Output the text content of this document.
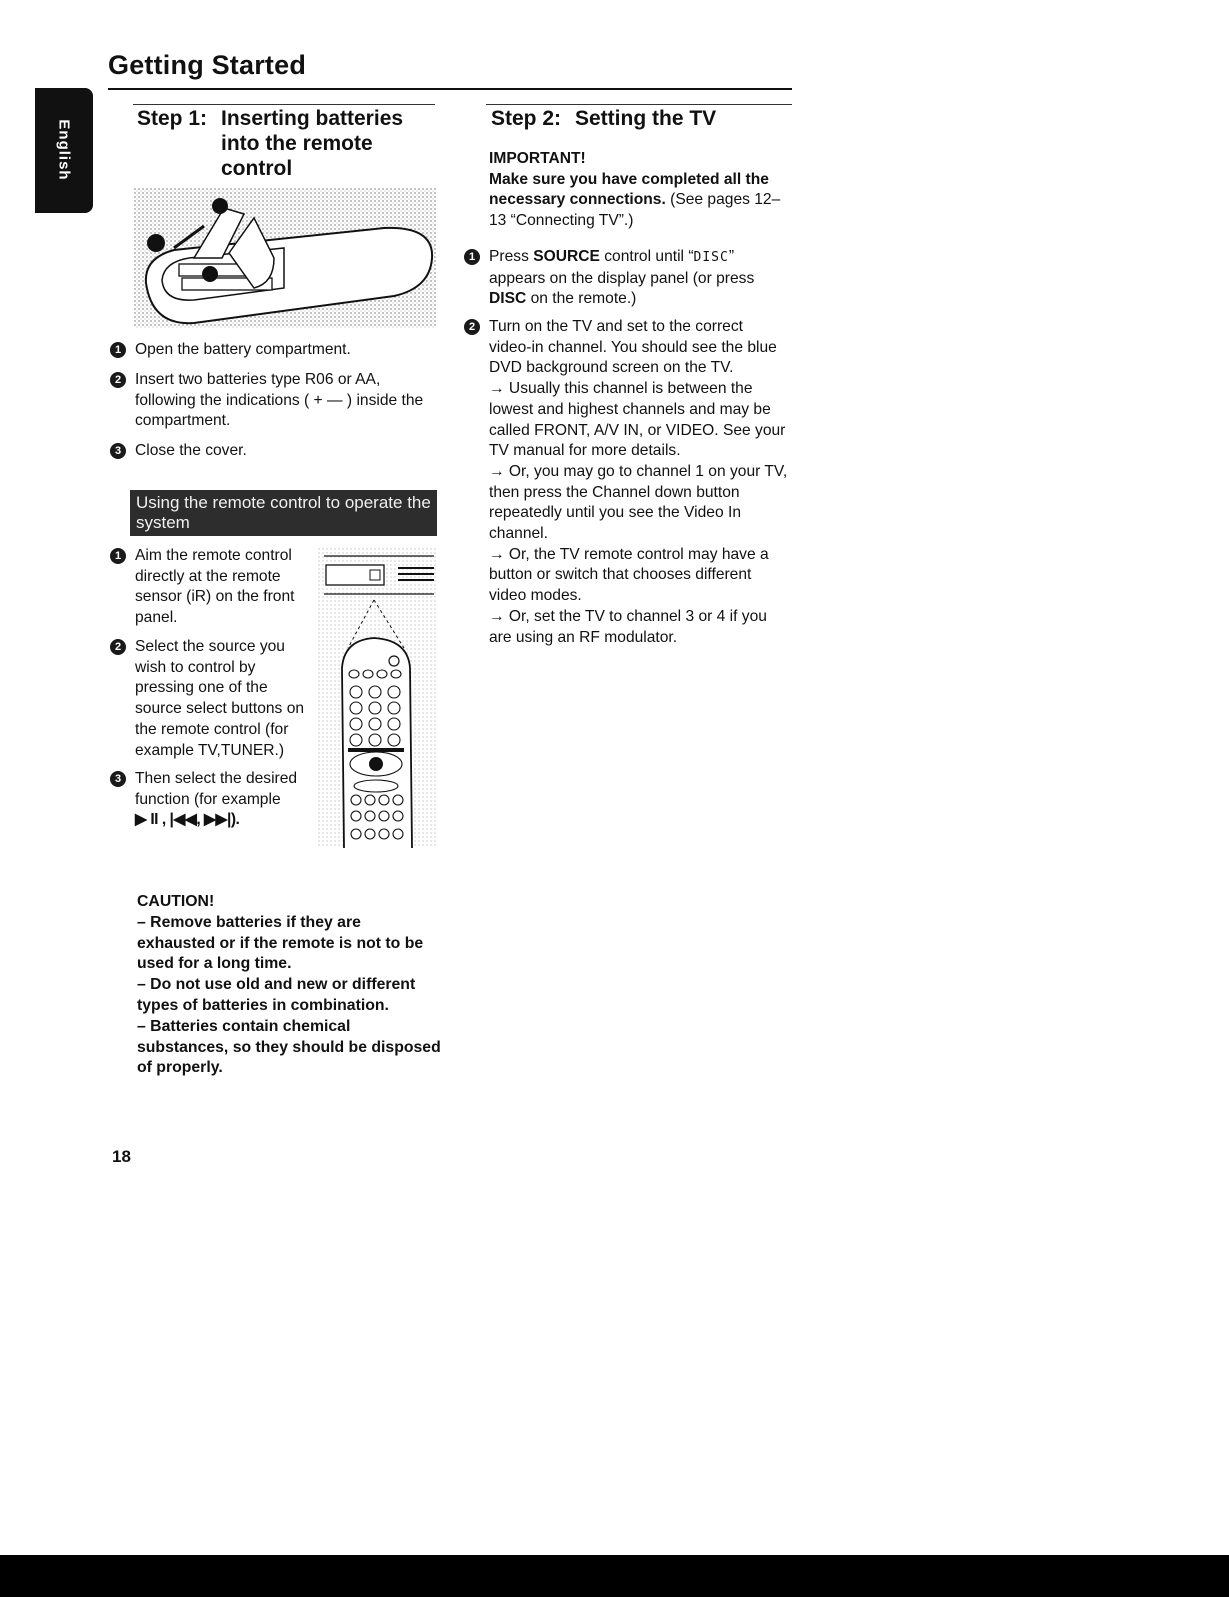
Getting Started
English
Step 1: Inserting batteries into the remote control
1 Open the battery compartment.
2 Insert two batteries type R06 or AA, following the indications ( + — ) inside the compartment.
3 Close the cover.
Using the remote control to operate the system
1 Aim the remote control directly at the remote sensor (iR) on the front panel.
2 Select the source you wish to control by pressing one of the source select buttons on the remote control (for example TV,TUNER.)
3 Then select the desired function (for example
▶ II , |◀◀, ▶▶|).

CAUTION!

– Remove batteries if they are exhausted or if the remote is not to be used for a long time.

– Do not use old and new or different types of batteries in combination.

– Batteries contain chemical substances, so they should be disposed of properly.

Step 2: Setting the TV
IMPORTANT!
Make sure you have completed all the necessary connections. (See pages 12–13 “Connecting TV”.)
1 Press SOURCE control until “DISC” appears on the display panel (or press DISC on the remote.)
2 Turn on the TV and set to the correct video-in channel. You should see the blue DVD background screen on the TV.
→ Usually this channel is between the lowest and highest channels and may be called FRONT, A/V IN, or VIDEO. See your TV manual for more details.
→ Or, you may go to channel 1 on your TV, then press the Channel down button repeatedly until you see the Video In channel.
→ Or, the TV remote control may have a button or switch that chooses different video modes.
→ Or, set the TV to channel 3 or 4 if you are using an RF modulator.
18
